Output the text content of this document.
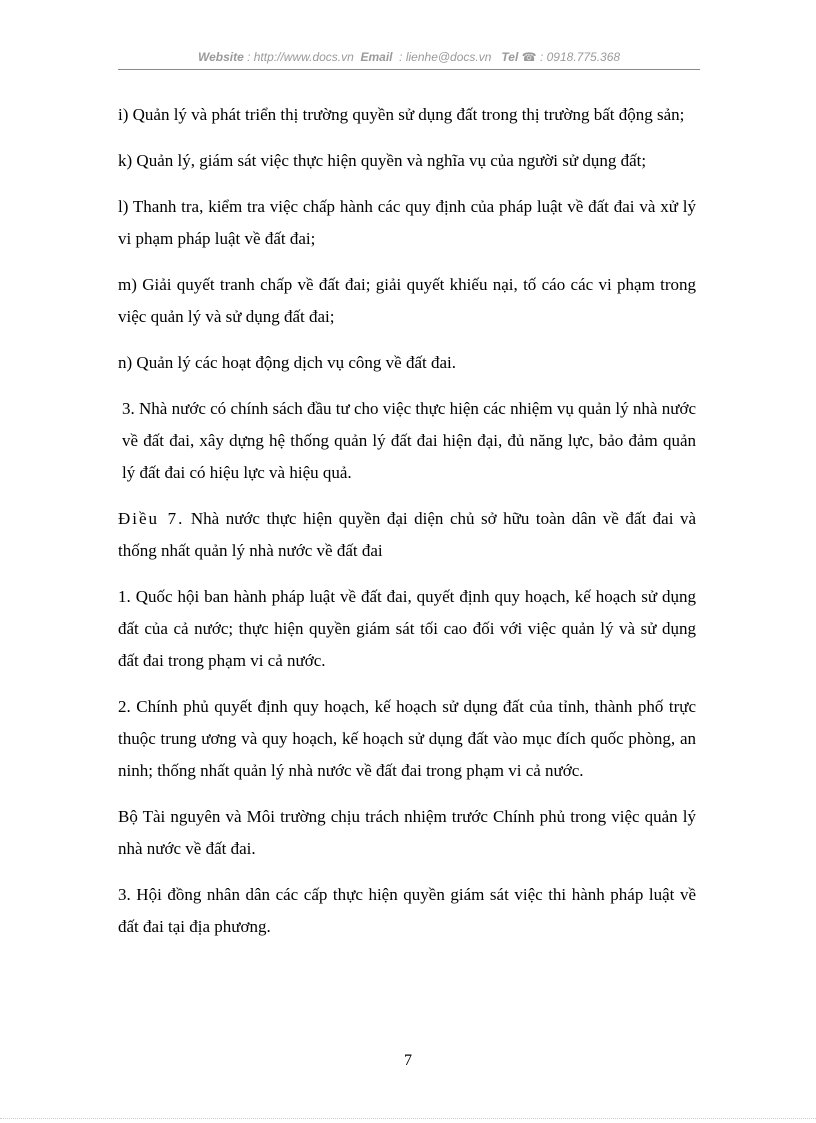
Website : http://www.docs.vn Email : lienhe@docs.vn Tel ☎ : 0918.775.368

i) Quản lý và phát triển thị trường quyền sử dụng đất trong thị trường bất động sản;

k) Quản lý, giám sát việc thực hiện quyền và nghĩa vụ của người sử dụng đất;

l) Thanh tra, kiểm tra việc chấp hành các quy định của pháp luật về đất đai và xử lý vi phạm pháp luật về đất đai;

m) Giải quyết tranh chấp về đất đai; giải quyết khiếu nại, tố cáo các vi phạm trong việc quản lý và sử dụng đất đai;

n) Quản lý các hoạt động dịch vụ công về đất đai.

3. Nhà nước có chính sách đầu tư cho việc thực hiện các nhiệm vụ quản lý nhà nước về đất đai, xây dựng hệ thống quản lý đất đai hiện đại, đủ năng lực, bảo đảm quản lý đất đai có hiệu lực và hiệu quả.

Điều 7. Nhà nước thực hiện quyền đại diện chủ sở hữu toàn dân về đất đai và thống nhất quản lý nhà nước về đất đai

1. Quốc hội ban hành pháp luật về đất đai, quyết định quy hoạch, kế hoạch sử dụng đất của cả nước; thực hiện quyền giám sát tối cao đối với việc quản lý và sử dụng đất đai trong phạm vi cả nước.

2. Chính phủ quyết định quy hoạch, kế hoạch sử dụng đất của tỉnh, thành phố trực thuộc trung ương và quy hoạch, kế hoạch sử dụng đất vào mục đích quốc phòng, an ninh; thống nhất quản lý nhà nước về đất đai trong phạm vi cả nước.

Bộ Tài nguyên và Môi trường chịu trách nhiệm trước Chính phủ trong việc quản lý nhà nước về đất đai.

3. Hội đồng nhân dân các cấp thực hiện quyền giám sát việc thi hành pháp luật về đất đai tại địa phương.

7
